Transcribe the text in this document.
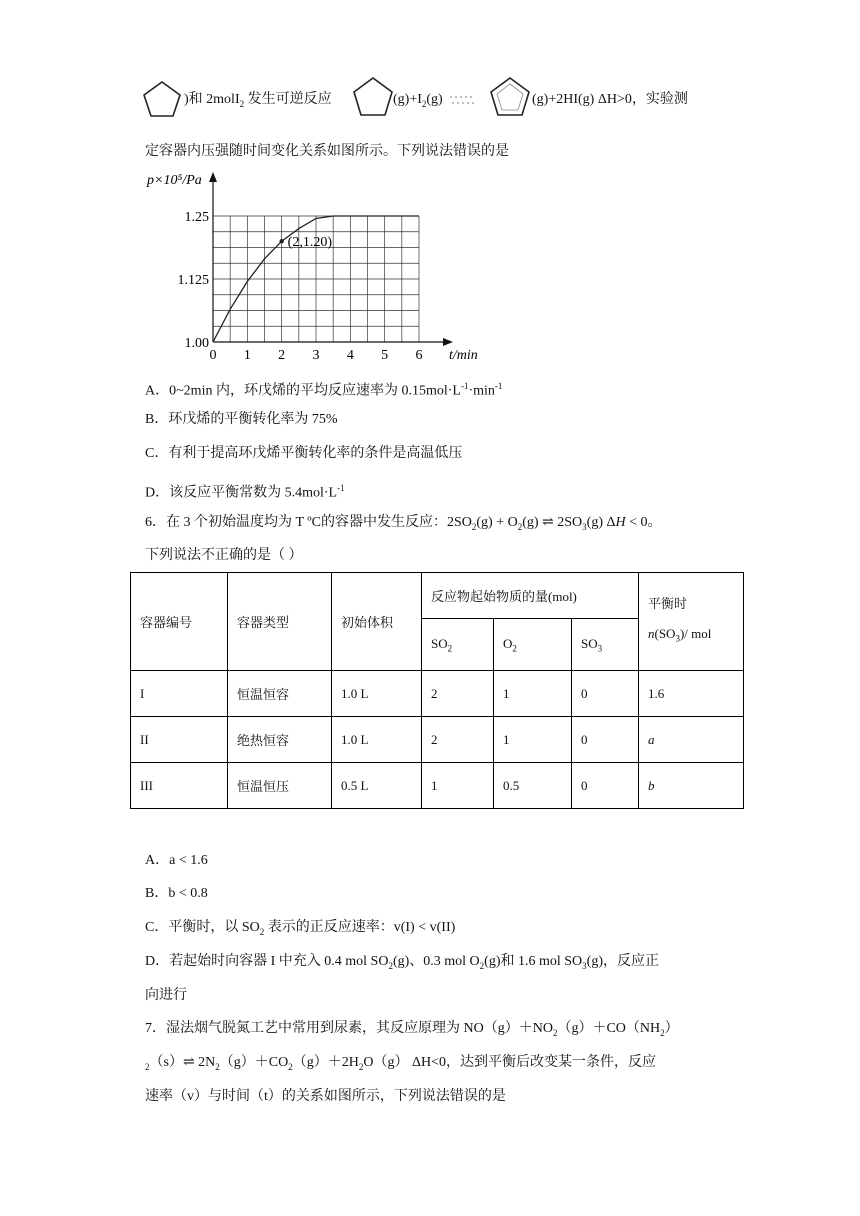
)和 2molI$_2$ 发生可逆反应	$(g)+I_2(g)$	(g)+2HI(g) ΔH>0，实验测
定容器内压强随时间变化关系如图所示。下列说法错误的是
0 1 2 3 4 5 6
1.00
1.125
1.25
(2,1.20)
p×10⁵/Pa
t/min
A．0~2min 内，环戊烯的平均反应速率为 $0.15mol\cdot L^{-1}\cdot\min^{-1}$
B．环戊烯的平衡转化率为 75%
C．有利于提高环戊烯平衡转化率的条件是高温低压
D．该反应平衡常数为 $5.4mol\cdot L^{-1}$
6．在 3 个初始温度均为 T ºC的容器中发生反应：$2SO_2(g) + O_2(g)$ ⇌ $2SO_3(g) \Delta H < 0$。
下列说法不正确的是（ ）
容器编号	容器类型	初始体积	反应物起始物质的量(mol)			平衡时
$n(SO_3)/$ mol

			$SO_2$	$O_2$	$SO_3$
I	恒温恒容	1.0 L	2	1	0	1.6
II	绝热恒容	1.0 L	2	1	0	a
III	恒温恒压	0.5 L	1	0.5	0	b
A．a < 1.6
B．b < 0.8
C．平衡时，以 $SO_2$ 表示的正反应速率：v(I) < v(II)
D．若起始时向容器 I 中充入 0.4 mol $SO_2(g)$、0.3 mol $O_2(g)$和 1.6 mol $SO_3(g)$，反应正
向进行
7．湿法烟气脱氮工艺中常用到尿素，其反应原理为 $NO(g)+NO_2(g)+CO(NH_2)$
$_2$（s）⇌ $2N_2(g)+CO_2(g)+2H_2O(g)$ ΔH<0，达到平衡后改变某一条件，反应
速率（v）与时间（t）的关系如图所示，下列说法错误的是
